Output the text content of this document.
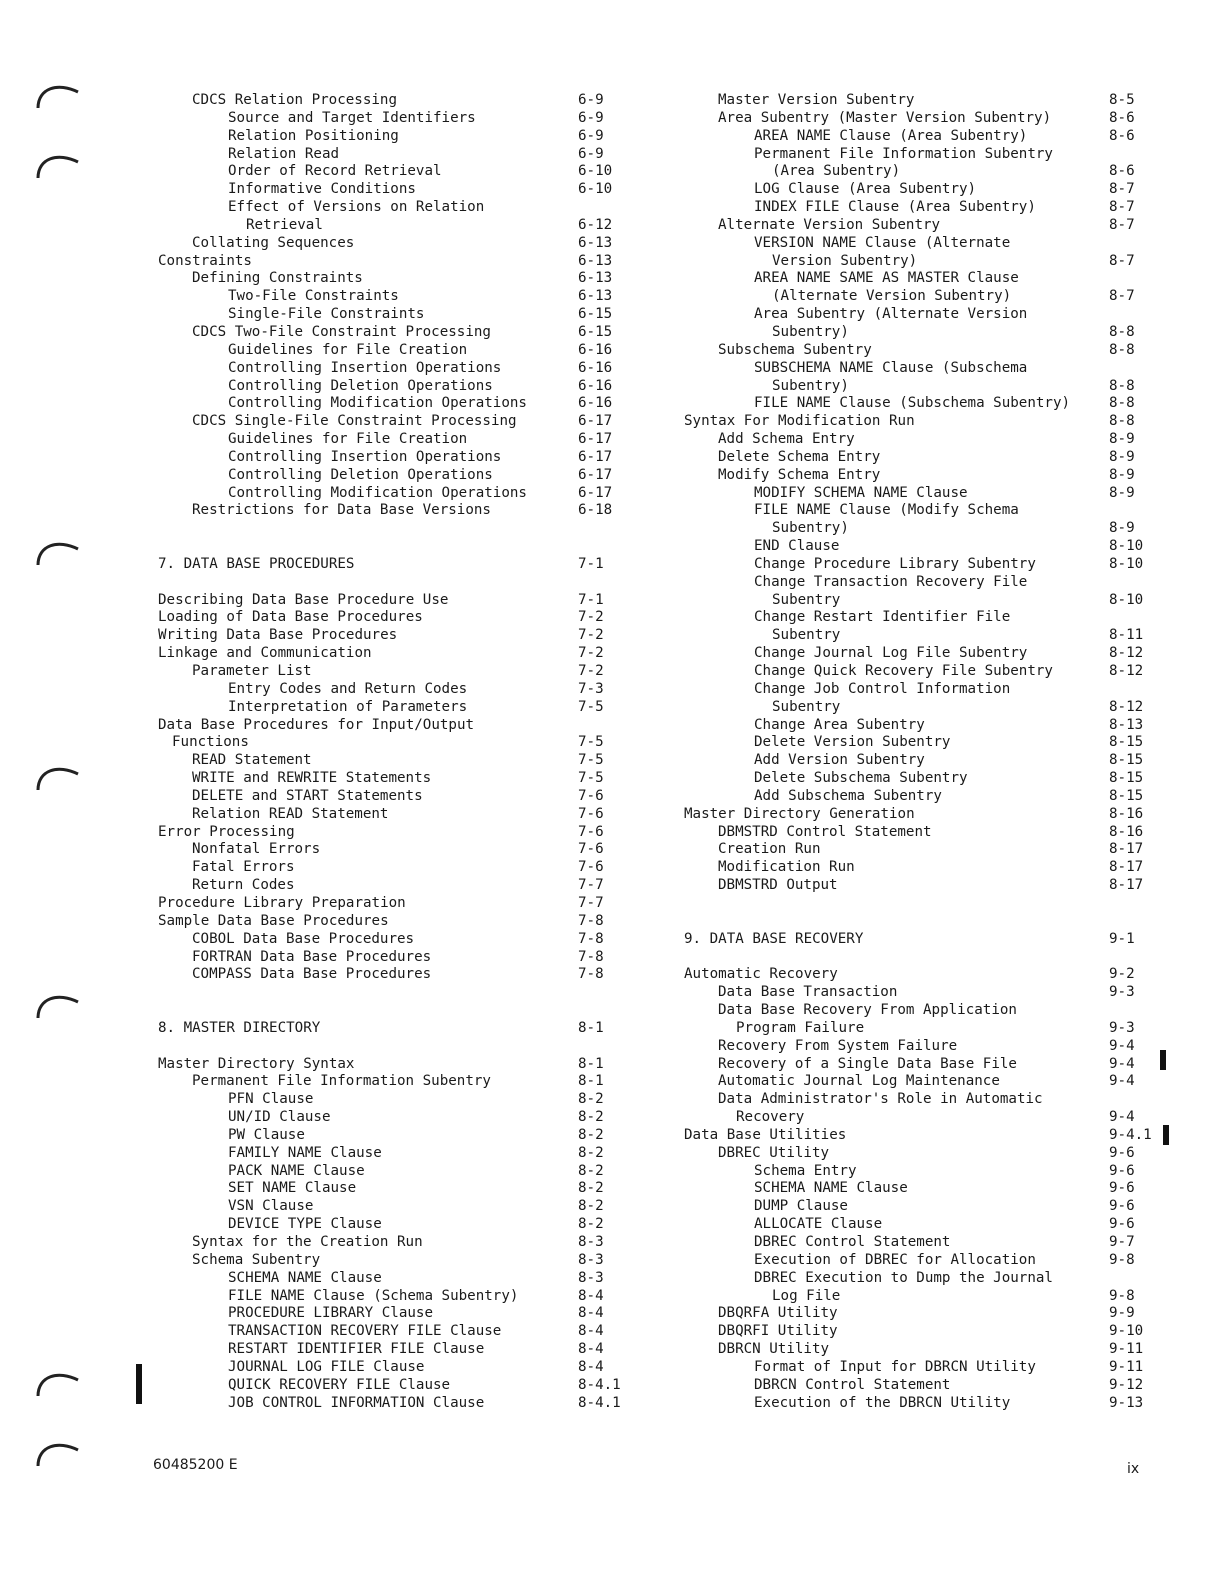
CDCS Relation Processing	6-9
Source and Target Identifiers	6-9
Relation Positioning	6-9
Relation Read	6-9
Order of Record Retrieval	6-10
Informative Conditions	6-10
Effect of Versions on Relation
Retrieval	6-12
Collating Sequences	6-13
Constraints	6-13
Defining Constraints	6-13
Two-File Constraints	6-13
Single-File Constraints	6-15
CDCS Two-File Constraint Processing	6-15
Guidelines for File Creation	6-16
Controlling Insertion Operations	6-16
Controlling Deletion Operations	6-16
Controlling Modification Operations	6-16
CDCS Single-File Constraint Processing	6-17
Guidelines for File Creation	6-17
Controlling Insertion Operations	6-17
Controlling Deletion Operations	6-17
Controlling Modification Operations	6-17
Restrictions for Data Base Versions	6-18
7. DATA BASE PROCEDURES	7-1
Describing Data Base Procedure Use	7-1
Loading of Data Base Procedures	7-2
Writing Data Base Procedures	7-2
Linkage and Communication	7-2
Parameter List	7-2
Entry Codes and Return Codes	7-3
Interpretation of Parameters	7-5
Data Base Procedures for Input/Output
Functions	7-5
READ Statement	7-5
WRITE and REWRITE Statements	7-5
DELETE and START Statements	7-6
Relation READ Statement	7-6
Error Processing	7-6
Nonfatal Errors	7-6
Fatal Errors	7-6
Return Codes	7-7
Procedure Library Preparation	7-7
Sample Data Base Procedures	7-8
COBOL Data Base Procedures	7-8
FORTRAN Data Base Procedures	7-8
COMPASS Data Base Procedures	7-8
8. MASTER DIRECTORY	8-1
Master Directory Syntax	8-1
Permanent File Information Subentry	8-1
PFN Clause	8-2
UN/ID Clause	8-2
PW Clause	8-2
FAMILY NAME Clause	8-2
PACK NAME Clause	8-2
SET NAME Clause	8-2
VSN Clause	8-2
DEVICE TYPE Clause	8-2
Syntax for the Creation Run	8-3
Schema Subentry	8-3
SCHEMA NAME Clause	8-3
FILE NAME Clause (Schema Subentry)	8-4
PROCEDURE LIBRARY Clause	8-4
TRANSACTION RECOVERY FILE Clause	8-4
RESTART IDENTIFIER FILE Clause	8-4
JOURNAL LOG FILE Clause	8-4
QUICK RECOVERY FILE Clause	8-4.1
JOB CONTROL INFORMATION Clause	8-4.1
Master Version Subentry	8-5
Area Subentry (Master Version Subentry)	8-6
AREA NAME Clause (Area Subentry)	8-6
Permanent File Information Subentry
(Area Subentry)	8-6
LOG Clause (Area Subentry)	8-7
INDEX FILE Clause (Area Subentry)	8-7
Alternate Version Subentry	8-7
VERSION NAME Clause (Alternate
Version Subentry)	8-7
AREA NAME SAME AS MASTER Clause
(Alternate Version Subentry)	8-7
Area Subentry (Alternate Version
Subentry)	8-8
Subschema Subentry	8-8
SUBSCHEMA NAME Clause (Subschema
Subentry)	8-8
FILE NAME Clause (Subschema Subentry)	8-8
Syntax For Modification Run	8-8
Add Schema Entry	8-9
Delete Schema Entry	8-9
Modify Schema Entry	8-9
MODIFY SCHEMA NAME Clause	8-9
FILE NAME Clause (Modify Schema
Subentry)	8-9
END Clause	8-10
Change Procedure Library Subentry	8-10
Change Transaction Recovery File
Subentry	8-10
Change Restart Identifier File
Subentry	8-11
Change Journal Log File Subentry	8-12
Change Quick Recovery File Subentry	8-12
Change Job Control Information
Subentry	8-12
Change Area Subentry	8-13
Delete Version Subentry	8-15
Add Version Subentry	8-15
Delete Subschema Subentry	8-15
Add Subschema Subentry	8-15
Master Directory Generation	8-16
DBMSTRD Control Statement	8-16
Creation Run	8-17
Modification Run	8-17
DBMSTRD Output	8-17
9. DATA BASE RECOVERY	9-1
Automatic Recovery	9-2
Data Base Transaction	9-3
Data Base Recovery From Application
Program Failure	9-3
Recovery From System Failure	9-4
Recovery of a Single Data Base File	9-4
Automatic Journal Log Maintenance	9-4
Data Administrator's Role in Automatic
Recovery	9-4
Data Base Utilities	9-4.1
DBREC Utility	9-6
Schema Entry	9-6
SCHEMA NAME Clause	9-6
DUMP Clause	9-6
ALLOCATE Clause	9-6
DBREC Control Statement	9-7
Execution of DBREC for Allocation	9-8
DBREC Execution to Dump the Journal
Log File	9-8
DBQRFA Utility	9-9
DBQRFI Utility	9-10
DBRCN Utility	9-11
Format of Input for DBRCN Utility	9-11
DBRCN Control Statement	9-12
Execution of the DBRCN Utility	9-13
60485200 E	ix
